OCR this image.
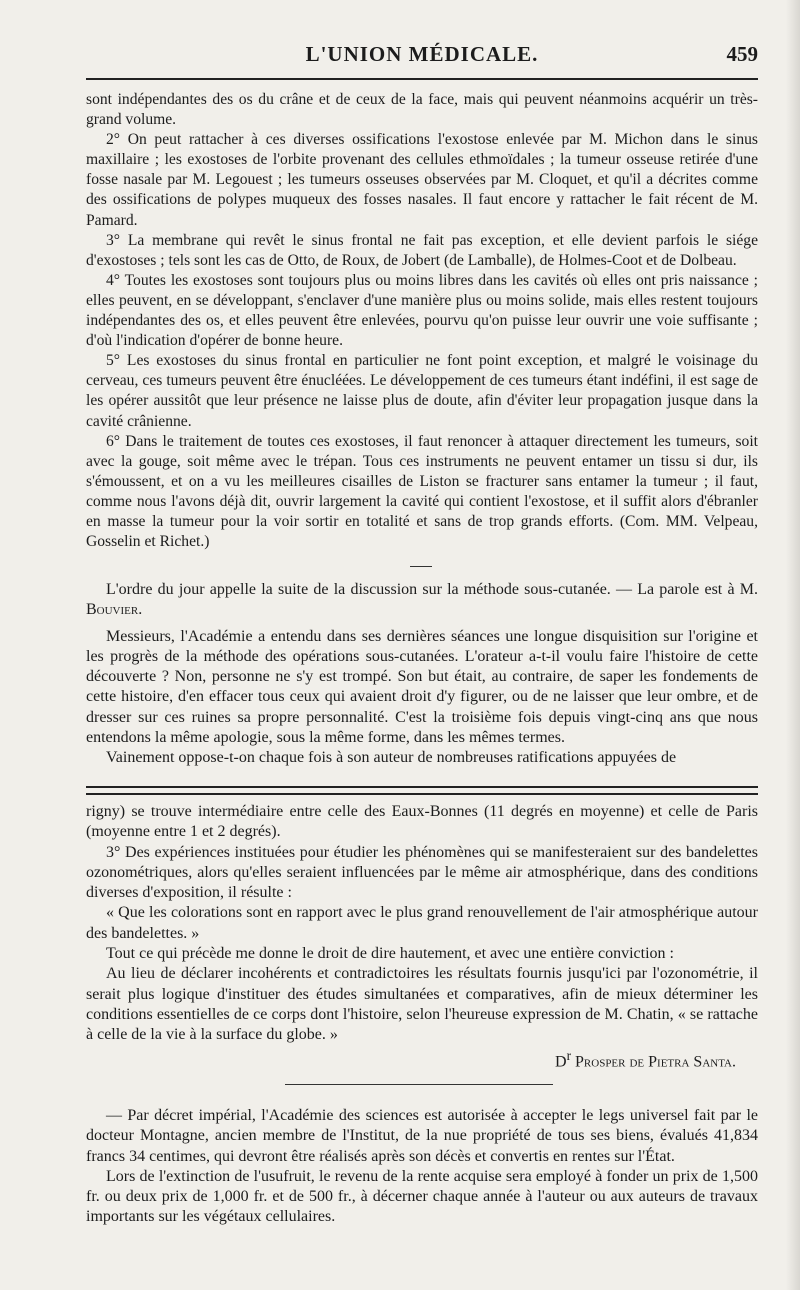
L'UNION MÉDICALE.	459

sont indépendantes des os du crâne et de ceux de la face, mais qui peuvent néanmoins acquérir un très-grand volume.

2° On peut rattacher à ces diverses ossifications l'exostose enlevée par M. Michon dans le sinus maxillaire ; les exostoses de l'orbite provenant des cellules ethmoïdales ; la tumeur osseuse retirée d'une fosse nasale par M. Legouest ; les tumeurs osseuses observées par M. Cloquet, et qu'il a décrites comme des ossifications de polypes muqueux des fosses nasales. Il faut encore y rattacher le fait récent de M. Pamard.

3° La membrane qui revêt le sinus frontal ne fait pas exception, et elle devient parfois le siége d'exostoses ; tels sont les cas de Otto, de Roux, de Jobert (de Lamballe), de Holmes-Coot et de Dolbeau.

4° Toutes les exostoses sont toujours plus ou moins libres dans les cavités où elles ont pris naissance ; elles peuvent, en se développant, s'enclaver d'une manière plus ou moins solide, mais elles restent toujours indépendantes des os, et elles peuvent être enlevées, pourvu qu'on puisse leur ouvrir une voie suffisante ; d'où l'indication d'opérer de bonne heure.

5° Les exostoses du sinus frontal en particulier ne font point exception, et malgré le voisinage du cerveau, ces tumeurs peuvent être énucléées. Le développement de ces tumeurs étant indéfini, il est sage de les opérer aussitôt que leur présence ne laisse plus de doute, afin d'éviter leur propagation jusque dans la cavité crânienne.

6° Dans le traitement de toutes ces exostoses, il faut renoncer à attaquer directement les tumeurs, soit avec la gouge, soit même avec le trépan. Tous ces instruments ne peuvent entamer un tissu si dur, ils s'émoussent, et on a vu les meilleures cisailles de Liston se fracturer sans entamer la tumeur ; il faut, comme nous l'avons déjà dit, ouvrir largement la cavité qui contient l'exostose, et il suffit alors d'ébranler en masse la tumeur pour la voir sortir en totalité et sans de trop grands efforts. (Com. MM. Velpeau, Gosselin et Richet.)

L'ordre du jour appelle la suite de la discussion sur la méthode sous-cutanée. — La parole est à M. Bouvier.

Messieurs, l'Académie a entendu dans ses dernières séances une longue disquisition sur l'origine et les progrès de la méthode des opérations sous-cutanées. L'orateur a-t-il voulu faire l'histoire de cette découverte ? Non, personne ne s'y est trompé. Son but était, au contraire, de saper les fondements de cette histoire, d'en effacer tous ceux qui avaient droit d'y figurer, ou de ne laisser que leur ombre, et de dresser sur ces ruines sa propre personnalité. C'est la troisième fois depuis vingt-cinq ans que nous entendons la même apologie, sous la même forme, dans les mêmes termes.

Vainement oppose-t-on chaque fois à son auteur de nombreuses ratifications appuyées de

rigny) se trouve intermédiaire entre celle des Eaux-Bonnes (11 degrés en moyenne) et celle de Paris (moyenne entre 1 et 2 degrés).

3° Des expériences instituées pour étudier les phénomènes qui se manifesteraient sur des bandelettes ozonométriques, alors qu'elles seraient influencées par le même air atmosphérique, dans des conditions diverses d'exposition, il résulte :

« Que les colorations sont en rapport avec le plus grand renouvellement de l'air atmosphérique autour des bandelettes. »

Tout ce qui précède me donne le droit de dire hautement, et avec une entière conviction :

Au lieu de déclarer incohérents et contradictoires les résultats fournis jusqu'ici par l'ozonométrie, il serait plus logique d'instituer des études simultanées et comparatives, afin de mieux déterminer les conditions essentielles de ce corps dont l'histoire, selon l'heureuse expression de M. Chatin, « se rattache à celle de la vie à la surface du globe. »

$D^r$ Prosper de Pietra Santa.

— Par décret impérial, l'Académie des sciences est autorisée à accepter le legs universel fait par le docteur Montagne, ancien membre de l'Institut, de la nue propriété de tous ses biens, évalués 41,834 francs 34 centimes, qui devront être réalisés après son décès et convertis en rentes sur l'État.

Lors de l'extinction de l'usufruit, le revenu de la rente acquise sera employé à fonder un prix de 1,500 fr. ou deux prix de 1,000 fr. et de 500 fr., à décerner chaque année à l'auteur ou aux auteurs de travaux importants sur les végétaux cellulaires.
